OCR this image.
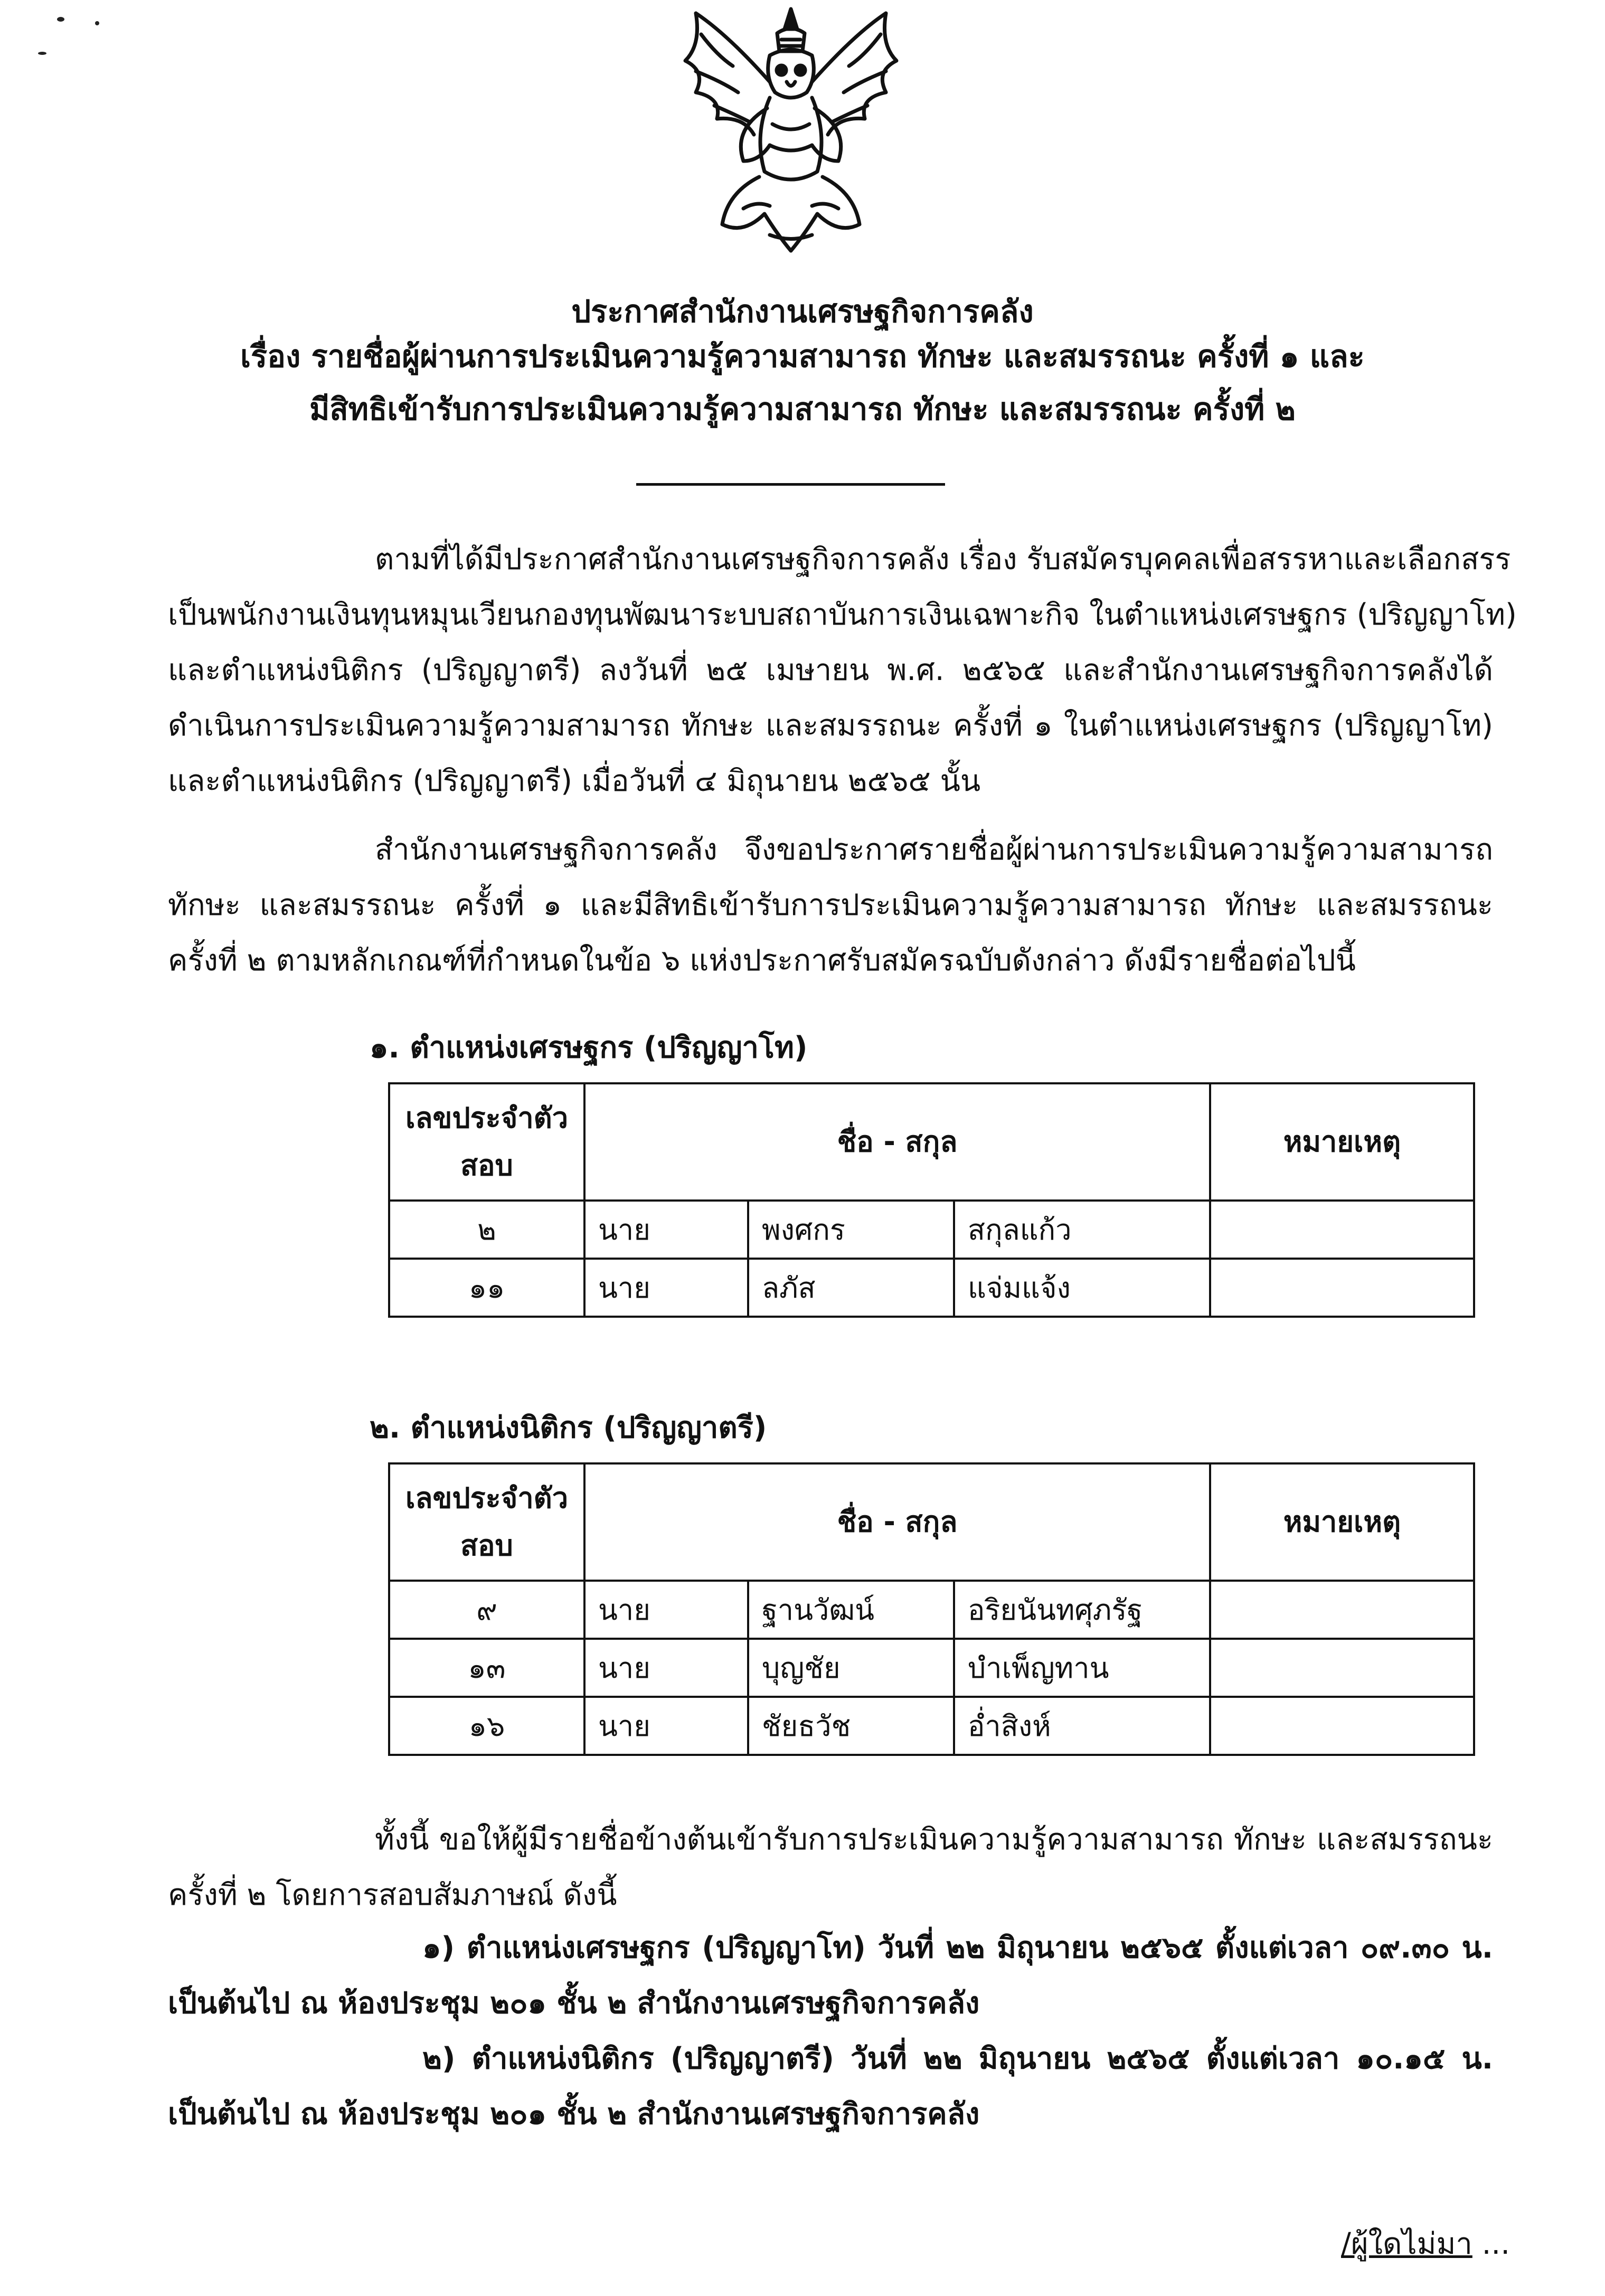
ประกาศสำนักงานเศรษฐกิจการคลัง
เรื่อง รายชื่อผู้ผ่านการประเมินความรู้ความสามารถ ทักษะ และสมรรถนะ ครั้งที่ ๑ และ
มีสิทธิเข้ารับการประเมินความรู้ความสามารถ ทักษะ และสมรรถนะ ครั้งที่ ๒
ตามที่ได้มีประกาศสำนักงานเศรษฐกิจการคลัง เรื่อง รับสมัครบุคคลเพื่อสรรหาและเลือกสรร
เป็นพนักงานเงินทุนหมุนเวียนกองทุนพัฒนาระบบสถาบันการเงินเฉพาะกิจ ในตำแหน่งเศรษฐกร (ปริญญาโท)
และตำแหน่งนิติกร (ปริญญาตรี) ลงวันที่ ๒๕ เมษายน พ.ศ. ๒๕๖๕ และสำนักงานเศรษฐกิจการคลังได้
ดำเนินการประเมินความรู้ความสามารถ ทักษะ และสมรรถนะ ครั้งที่ ๑ ในตำแหน่งเศรษฐกร (ปริญญาโท)
และตำแหน่งนิติกร (ปริญญาตรี) เมื่อวันที่ ๔ มิถุนายน ๒๕๖๕ นั้น
สำนักงานเศรษฐกิจการคลัง จึงขอประกาศรายชื่อผู้ผ่านการประเมินความรู้ความสามารถ
ทักษะ และสมรรถนะ ครั้งที่ ๑ และมีสิทธิเข้ารับการประเมินความรู้ความสามารถ ทักษะ และสมรรถนะ
ครั้งที่ ๒ ตามหลักเกณฑ์ที่กำหนดในข้อ ๖ แห่งประกาศรับสมัครฉบับดังกล่าว ดังมีรายชื่อต่อไปนี้
๑. ตำแหน่งเศรษฐกร (ปริญญาโท)
เลขประจำตัว สอบ	ชื่อ - สกุล			หมายเหตุ
๒	นาย	พงศกร	สกุลแก้ว	
๑๑	นาย	ลภัส	แจ่มแจ้ง	
๒. ตำแหน่งนิติกร (ปริญญาตรี)
เลขประจำตัว สอบ	ชื่อ - สกุล			หมายเหตุ
๙	นาย	ฐานวัฒน์	อริยนันทศุภรัฐ	
๑๓	นาย	บุญชัย	บำเพ็ญทาน	
๑๖	นาย	ชัยธวัช	อ่ำสิงห์	
ทั้งนี้ ขอให้ผู้มีรายชื่อข้างต้นเข้ารับการประเมินความรู้ความสามารถ ทักษะ และสมรรถนะ
ครั้งที่ ๒ โดยการสอบสัมภาษณ์ ดังนี้
๑) ตำแหน่งเศรษฐกร (ปริญญาโท) วันที่ ๒๒ มิถุนายน ๒๕๖๕ ตั้งแต่เวลา ๐๙.๓๐ น.
เป็นต้นไป ณ ห้องประชุม ๒๐๑ ชั้น ๒ สำนักงานเศรษฐกิจการคลัง
๒) ตำแหน่งนิติกร (ปริญญาตรี) วันที่ ๒๒ มิถุนายน ๒๕๖๕ ตั้งแต่เวลา ๑๐.๑๕ น.
เป็นต้นไป ณ ห้องประชุม ๒๐๑ ชั้น ๒ สำนักงานเศรษฐกิจการคลัง
/ผู้ใดไม่มา ...
